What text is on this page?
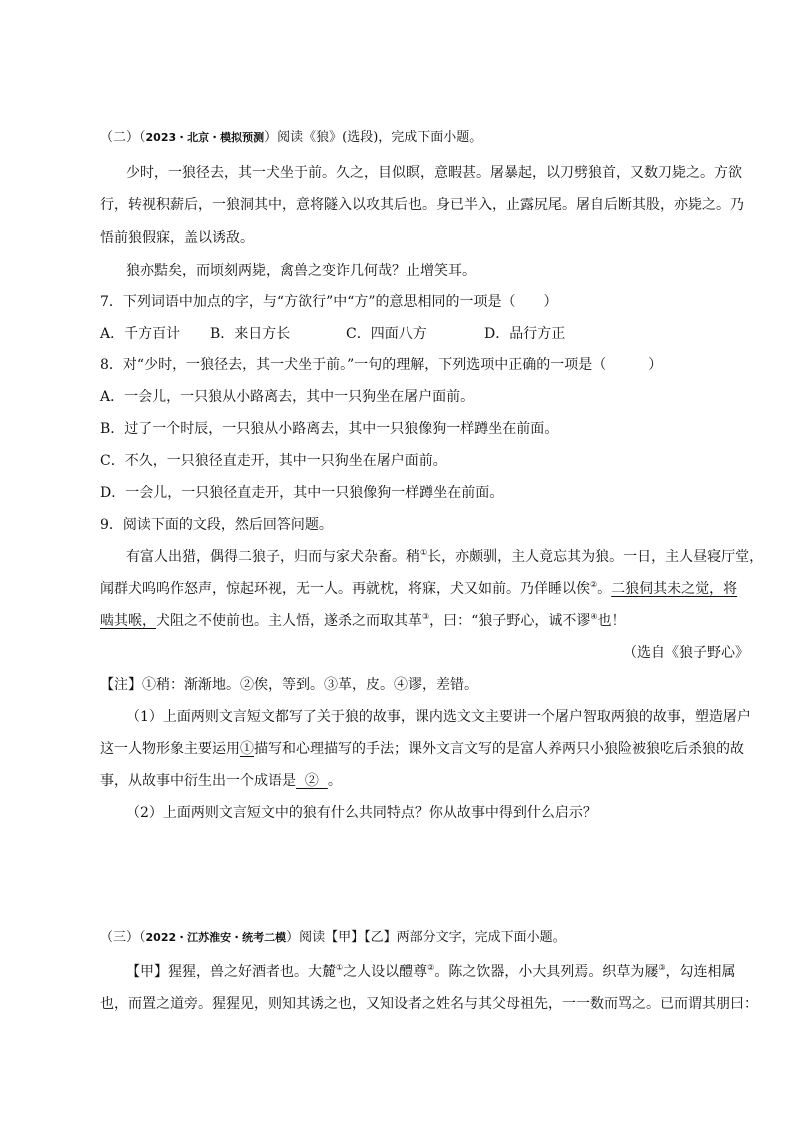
（二）（2023・北京・模拟预测）阅读《狼》(选段)，完成下面小题。
少时，一狼径去，其一犬坐于前。久之，目似瞑，意暇甚。屠暴起，以刀劈狼首，又数刀毙之。方欲
行，转视积薪后，一狼洞其中，意将隧入以攻其后也。身已半入，止露尻尾。屠自后断其股，亦毙之。乃
悟前狼假寐，盖以诱敌。
狼亦黠矣，而顷刻两毙，禽兽之变诈几何哉？止增笑耳。
7．下列词语中加点的字，与“方欲行”中“方”的意思相同的一项是（　　）
A．千方百计 B．来日方长	C．四面八方	D．品行方正
8．对“少时，一狼径去，其一犬坐于前。”一句的理解，下列选项中正确的一项是（　　　）
A．一会儿，一只狼从小路离去，其中一只狗坐在屠户面前。
B．过了一个时辰，一只狼从小路离去，其中一只狼像狗一样蹲坐在前面。
C．不久，一只狼径直走开，其中一只狗坐在屠户面前。
D．一会儿，一只狼径直走开，其中一只狼像狗一样蹲坐在前面。
9．阅读下面的文段，然后回答问题。
有富人出猎，偶得二狼子，归而与家犬杂畜。稍①长，亦颇驯，主人竟忘其为狼。一日，主人昼寝厅堂，
闻群犬呜呜作怒声，惊起环视，无一人。再就枕，将寐，犬又如前。乃佯睡以俟②。二狼伺其未之觉，将
啮其喉，犬阻之不使前也。主人悟，遂杀之而取其革③，曰：“狼子野心，诚不谬④也！
（选自《狼子野心》
【注】①稍：渐渐地。②俟，等到。③革，皮。④谬，差错。
（1）上面两则文言短文都写了关于狼的故事，课内选文文主要讲一个屠户智取两狼的故事，塑造屠户
这一人物形象主要运用①描写和心理描写的手法；课外文言文写的是富人养两只小狼险被狼吃后杀狼的故
事，从故事中衍生出一个成语是  ②  。
（2）上面两则文言短文中的狼有什么共同特点？你从故事中得到什么启示？
（三）（2022・江苏淮安・统考二模）阅读【甲】【乙】两部分文字，完成下面小题。
【甲】猩猩，兽之好酒者也。大麓①之人设以醴尊②。陈之饮器，小大具列焉。织草为屦③，勾连相属
也，而置之道旁。猩猩见，则知其诱之也，又知设者之姓名与其父母祖先，一一数而骂之。已而谓其朋曰：
